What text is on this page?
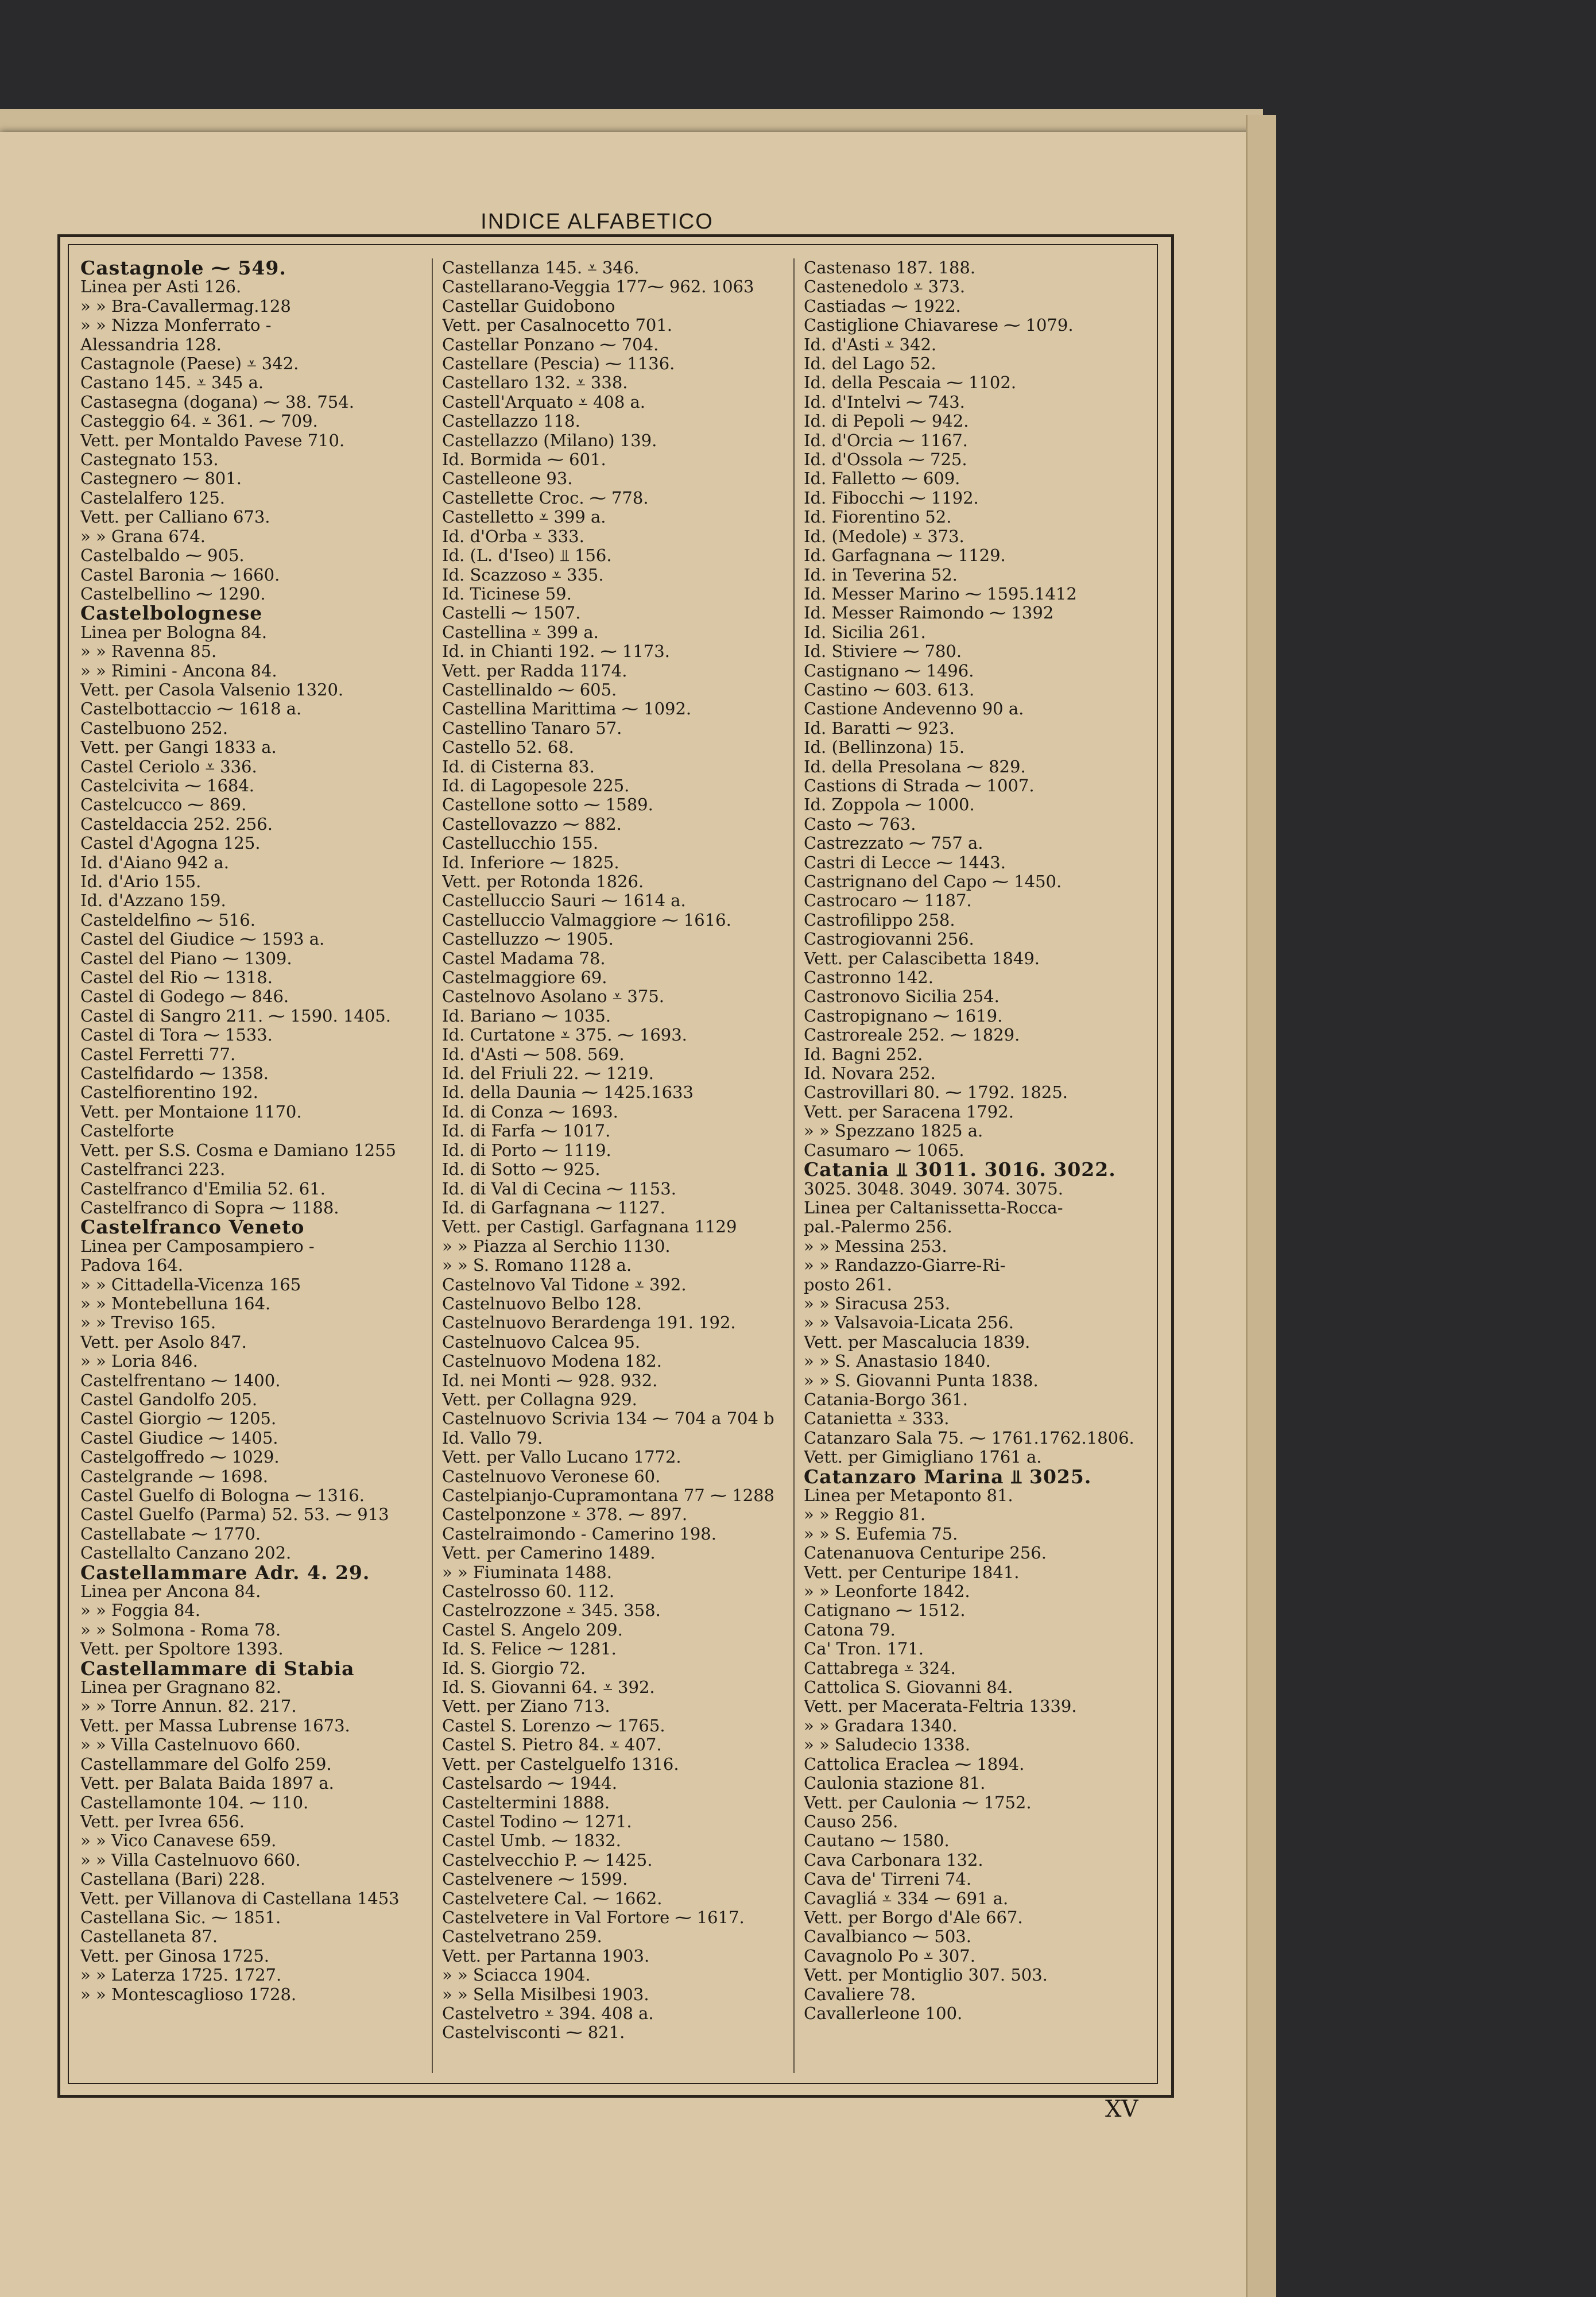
INDICE ALFABETICO
Castagnole ⁓ 549.
Linea per Asti 126.
» » Bra-Cavallermag.128
» » Nizza Monferrato -
Alessandria 128.
Castagnole (Paese) ⩡ 342.
Castano 145. ⩡ 345 a.
Castasegna (dogana) ⁓ 38. 754.
Casteggio 64. ⩡ 361. ⁓ 709.
Vett. per Montaldo Pavese 710.
Castegnato 153.
Castegnero ⁓ 801.
Castelalfero 125.
Vett. per Calliano 673.
» » Grana 674.
Castelbaldo ⁓ 905.
Castel Baronia ⁓ 1660.
Castelbellino ⁓ 1290.
Castelbolognese
Linea per Bologna 84.
» » Ravenna 85.
» » Rimini - Ancona 84.
Vett. per Casola Valsenio 1320.
Castelbottaccio ⁓ 1618 a.
Castelbuono 252.
Vett. per Gangi 1833 a.
Castel Ceriolo ⩡ 336.
Castelcivita ⁓ 1684.
Castelcucco ⁓ 869.
Casteldaccia 252. 256.
Castel d'Agogna 125.
Id. d'Aiano 942 a.
Id. d'Ario 155.
Id. d'Azzano 159.
Casteldelfino ⁓ 516.
Castel del Giudice ⁓ 1593 a.
Castel del Piano ⁓ 1309.
Castel del Rio ⁓ 1318.
Castel di Godego ⁓ 846.
Castel di Sangro 211. ⁓ 1590. 1405.
Castel di Tora ⁓ 1533.
Castel Ferretti 77.
Castelfidardo ⁓ 1358.
Castelfiorentino 192.
Vett. per Montaione 1170.
Castelforte
Vett. per S.S. Cosma e Damiano 1255
Castelfranci 223.
Castelfranco d'Emilia 52. 61.
Castelfranco di Sopra ⁓ 1188.
Castelfranco Veneto
Linea per Camposampiero -
Padova 164.
» » Cittadella-Vicenza 165
» » Montebelluna 164.
» » Treviso 165.
Vett. per Asolo 847.
» » Loria 846.
Castelfrentano ⁓ 1400.
Castel Gandolfo 205.
Castel Giorgio ⁓ 1205.
Castel Giudice ⁓ 1405.
Castelgoffredo ⁓ 1029.
Castelgrande ⁓ 1698.
Castel Guelfo di Bologna ⁓ 1316.
Castel Guelfo (Parma) 52. 53. ⁓ 913
Castellabate ⁓ 1770.
Castellalto Canzano 202.
Castellammare Adr. 4. 29.
Linea per Ancona 84.
» » Foggia 84.
» » Solmona - Roma 78.
Vett. per Spoltore 1393.
Castellammare di Stabia
Linea per Gragnano 82.
» » Torre Annun. 82. 217.
Vett. per Massa Lubrense 1673.
» » Villa Castelnuovo 660.
Castellammare del Golfo 259.
Vett. per Balata Baida 1897 a.
Castellamonte 104. ⁓ 110.
Vett. per Ivrea 656.
» » Vico Canavese 659.
» » Villa Castelnuovo 660.
Castellana (Bari) 228.
Vett. per Villanova di Castellana 1453
Castellana Sic. ⁓ 1851.
Castellaneta 87.
Vett. per Ginosa 1725.
» » Laterza 1725. 1727.
» » Montescaglioso 1728.
Castellanza 145. ⩡ 346.
Castellarano-Veggia 177⁓ 962. 1063
Castellar Guidobono
Vett. per Casalnocetto 701.
Castellar Ponzano ⁓ 704.
Castellare (Pescia) ⁓ 1136.
Castellaro 132. ⩡ 338.
Castell'Arquato ⩡ 408 a.
Castellazzo 118.
Castellazzo (Milano) 139.
Id. Bormida ⁓ 601.
Castelleone 93.
Castellette Croc. ⁓ 778.
Castelletto ⩡ 399 a.
Id. d'Orba ⩡ 333.
Id. (L. d'Iseo) ⫫ 156.
Id. Scazzoso ⩡ 335.
Id. Ticinese 59.
Castelli ⁓ 1507.
Castellina ⩡ 399 a.
Id. in Chianti 192. ⁓ 1173.
Vett. per Radda 1174.
Castellinaldo ⁓ 605.
Castellina Marittima ⁓ 1092.
Castellino Tanaro 57.
Castello 52. 68.
Id. di Cisterna 83.
Id. di Lagopesole 225.
Castellone sotto ⁓ 1589.
Castellovazzo ⁓ 882.
Castellucchio 155.
Id. Inferiore ⁓ 1825.
Vett. per Rotonda 1826.
Castelluccio Sauri ⁓ 1614 a.
Castelluccio Valmaggiore ⁓ 1616.
Castelluzzo ⁓ 1905.
Castel Madama 78.
Castelmaggiore 69.
Castelnovo Asolano ⩡ 375.
Id. Bariano ⁓ 1035.
Id. Curtatone ⩡ 375. ⁓ 1693.
Id. d'Asti ⁓ 508. 569.
Id. del Friuli 22. ⁓ 1219.
Id. della Daunia ⁓ 1425.1633
Id. di Conza ⁓ 1693.
Id. di Farfa ⁓ 1017.
Id. di Porto ⁓ 1119.
Id. di Sotto ⁓ 925.
Id. di Val di Cecina ⁓ 1153.
Id. di Garfagnana ⁓ 1127.
Vett. per Castigl. Garfagnana 1129
» » Piazza al Serchio 1130.
» » S. Romano 1128 a.
Castelnovo Val Tidone ⩡ 392.
Castelnuovo Belbo 128.
Castelnuovo Berardenga 191. 192.
Castelnuovo Calcea 95.
Castelnuovo Modena 182.
Id. nei Monti ⁓ 928. 932.
Vett. per Collagna 929.
Castelnuovo Scrivia 134 ⁓ 704 a 704 b
Id. Vallo 79.
Vett. per Vallo Lucano 1772.
Castelnuovo Veronese 60.
Castelpianjo-Cupramontana 77 ⁓ 1288
Castelponzone ⩡ 378. ⁓ 897.
Castelraimondo - Camerino 198.
Vett. per Camerino 1489.
» » Fiuminata 1488.
Castelrosso 60. 112.
Castelrozzone ⩡ 345. 358.
Castel S. Angelo 209.
Id. S. Felice ⁓ 1281.
Id. S. Giorgio 72.
Id. S. Giovanni 64. ⩡ 392.
Vett. per Ziano 713.
Castel S. Lorenzo ⁓ 1765.
Castel S. Pietro 84. ⩡ 407.
Vett. per Castelguelfo 1316.
Castelsardo ⁓ 1944.
Casteltermini 1888.
Castel Todino ⁓ 1271.
Castel Umb. ⁓ 1832.
Castelvecchio P. ⁓ 1425.
Castelvenere ⁓ 1599.
Castelvetere Cal. ⁓ 1662.
Castelvetere in Val Fortore ⁓ 1617.
Castelvetrano 259.
Vett. per Partanna 1903.
» » Sciacca 1904.
» » Sella Misilbesi 1903.
Castelvetro ⩡ 394. 408 a.
Castelvisconti ⁓ 821.
Castenaso 187. 188.
Castenedolo ⩡ 373.
Castiadas ⁓ 1922.
Castiglione Chiavarese ⁓ 1079.
Id. d'Asti ⩡ 342.
Id. del Lago 52.
Id. della Pescaia ⁓ 1102.
Id. d'Intelvi ⁓ 743.
Id. di Pepoli ⁓ 942.
Id. d'Orcia ⁓ 1167.
Id. d'Ossola ⁓ 725.
Id. Falletto ⁓ 609.
Id. Fibocchi ⁓ 1192.
Id. Fiorentino 52.
Id. (Medole) ⩡ 373.
Id. Garfagnana ⁓ 1129.
Id. in Teverina 52.
Id. Messer Marino ⁓ 1595.1412
Id. Messer Raimondo ⁓ 1392
Id. Sicilia 261.
Id. Stiviere ⁓ 780.
Castignano ⁓ 1496.
Castino ⁓ 603. 613.
Castione Andevenno 90 a.
Id. Baratti ⁓ 923.
Id. (Bellinzona) 15.
Id. della Presolana ⁓ 829.
Castions di Strada ⁓ 1007.
Id. Zoppola ⁓ 1000.
Casto ⁓ 763.
Castrezzato ⁓ 757 a.
Castri di Lecce ⁓ 1443.
Castrignano del Capo ⁓ 1450.
Castrocaro ⁓ 1187.
Castrofilippo 258.
Castrogiovanni 256.
Vett. per Calascibetta 1849.
Castronno 142.
Castronovo Sicilia 254.
Castropignano ⁓ 1619.
Castroreale 252. ⁓ 1829.
Id. Bagni 252.
Id. Novara 252.
Castrovillari 80. ⁓ 1792. 1825.
Vett. per Saracena 1792.
» » Spezzano 1825 a.
Casumaro ⁓ 1065.
Catania ⫫ 3011. 3016. 3022.
3025. 3048. 3049. 3074. 3075.
Linea per Caltanissetta-Rocca-
pal.-Palermo 256.
» » Messina 253.
» » Randazzo-Giarre-Ri-
posto 261.
» » Siracusa 253.
» » Valsavoia-Licata 256.
Vett. per Mascalucia 1839.
» » S. Anastasio 1840.
» » S. Giovanni Punta 1838.
Catania-Borgo 361.
Catanietta ⩡ 333.
Catanzaro Sala 75. ⁓ 1761.1762.1806.
Vett. per Gimigliano 1761 a.
Catanzaro Marina ⫫ 3025.
Linea per Metaponto 81.
» » Reggio 81.
» » S. Eufemia 75.
Catenanuova Centuripe 256.
Vett. per Centuripe 1841.
» » Leonforte 1842.
Catignano ⁓ 1512.
Catona 79.
Ca' Tron. 171.
Cattabrega ⩡ 324.
Cattolica S. Giovanni 84.
Vett. per Macerata-Feltria 1339.
» » Gradara 1340.
» » Saludecio 1338.
Cattolica Eraclea ⁓ 1894.
Caulonia stazione 81.
Vett. per Caulonia ⁓ 1752.
Causo 256.
Cautano ⁓ 1580.
Cava Carbonara 132.
Cava de' Tirreni 74.
Cavagliá ⩡ 334 ⁓ 691 a.
Vett. per Borgo d'Ale 667.
Cavalbianco ⁓ 503.
Cavagnolo Po ⩡ 307.
Vett. per Montiglio 307. 503.
Cavaliere 78.
Cavallerleone 100.
XV
